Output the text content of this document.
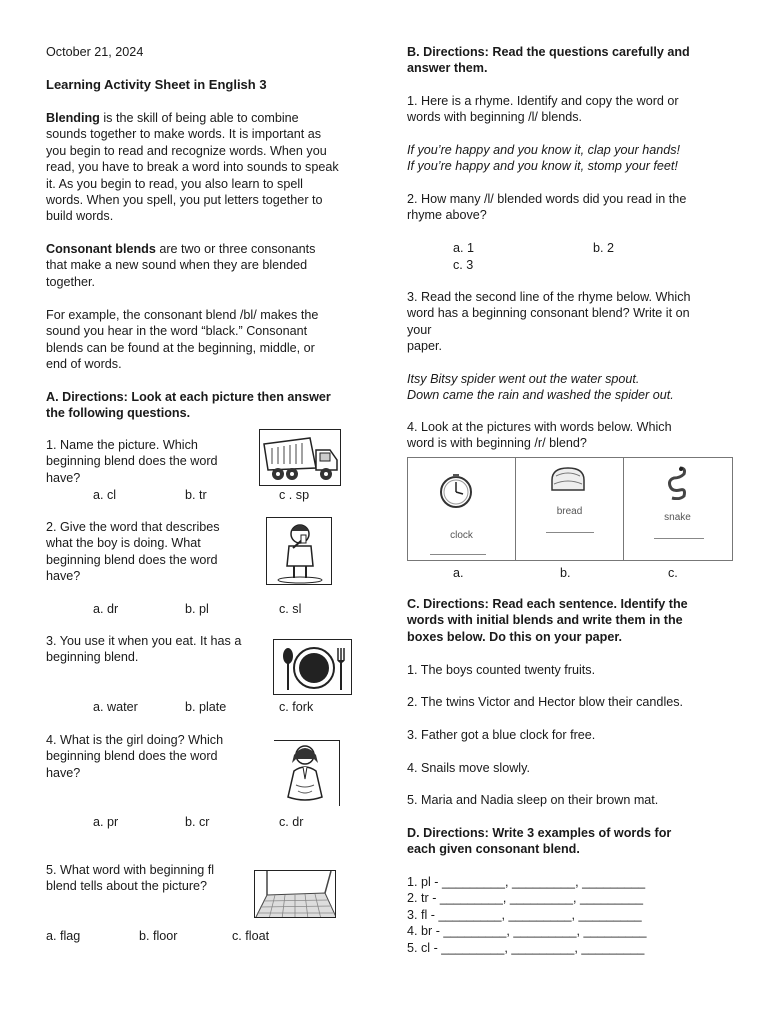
October 21, 2024
Learning Activity Sheet in English 3

Blending is the skill of being able to combine

sounds together to make words. It is important as

you begin to read and recognize words. When you

read, you have to break a word into sounds to speak

it. As you begin to read, you also learn to spell

words. When you spell, you put letters together to

build words.

Consonant blends are two or three consonants

that make a new sound when they are blended

together.

For example, the consonant blend /bl/ makes the

sound you hear in the word “black.” Consonant

blends can be found at the beginning, middle, or

end of words.

A. Directions: Look at each picture then answer

the following questions.

1. Name the picture. Which

beginning blend does the word

have?

a. cl	b. tr	c . sp

2. Give the word that describes

what the boy is doing. What

beginning blend does the word

have?

a. dr	b. pl	c. sl

3. You use it when you eat. It has a

beginning blend.

a. water	b. plate	c. fork

4. What is the girl doing? Which

beginning blend does the word

have?

a. pr	b. cr	c. dr

5. What word with beginning fl

blend tells about the picture?

a. flag	b. floor	c. float

B. Directions: Read the questions carefully and

answer them.

1. Here is a rhyme. Identify and copy the word or

words with beginning /l/ blends.

If you’re happy and you know it, clap your hands!

If you’re happy and you know it, stomp your feet!

2. How many /l/ blended words did you read in the

rhyme above?

a. 1	b. 2
c. 3

3. Read the second line of the rhyme below. Which

word has a beginning consonant blend? Write it on

your

paper.

Itsy Bitsy spider went out the water spout.

Down came the rain and washed the spider out.

4. Look at the pictures with words below. Which

word is with beginning /r/ blend?

clock
bread
snake
a.	b.	c.

C. Directions: Read each sentence. Identify the

words with initial blends and write them in the

boxes below. Do this on your paper.

1. The boys counted twenty fruits.
2. The twins Victor and Hector blow their candles.
3. Father got a blue clock for free.
4. Snails move slowly.
5. Maria and Nadia sleep on their brown mat.

D. Directions: Write 3 examples of words for

each given consonant blend.

1. pl - _________, _________, _________

2. tr - _________, _________, _________

3. fl - _________, _________, _________

4. br - _________, _________, _________

5. cl - _________, _________, _________
